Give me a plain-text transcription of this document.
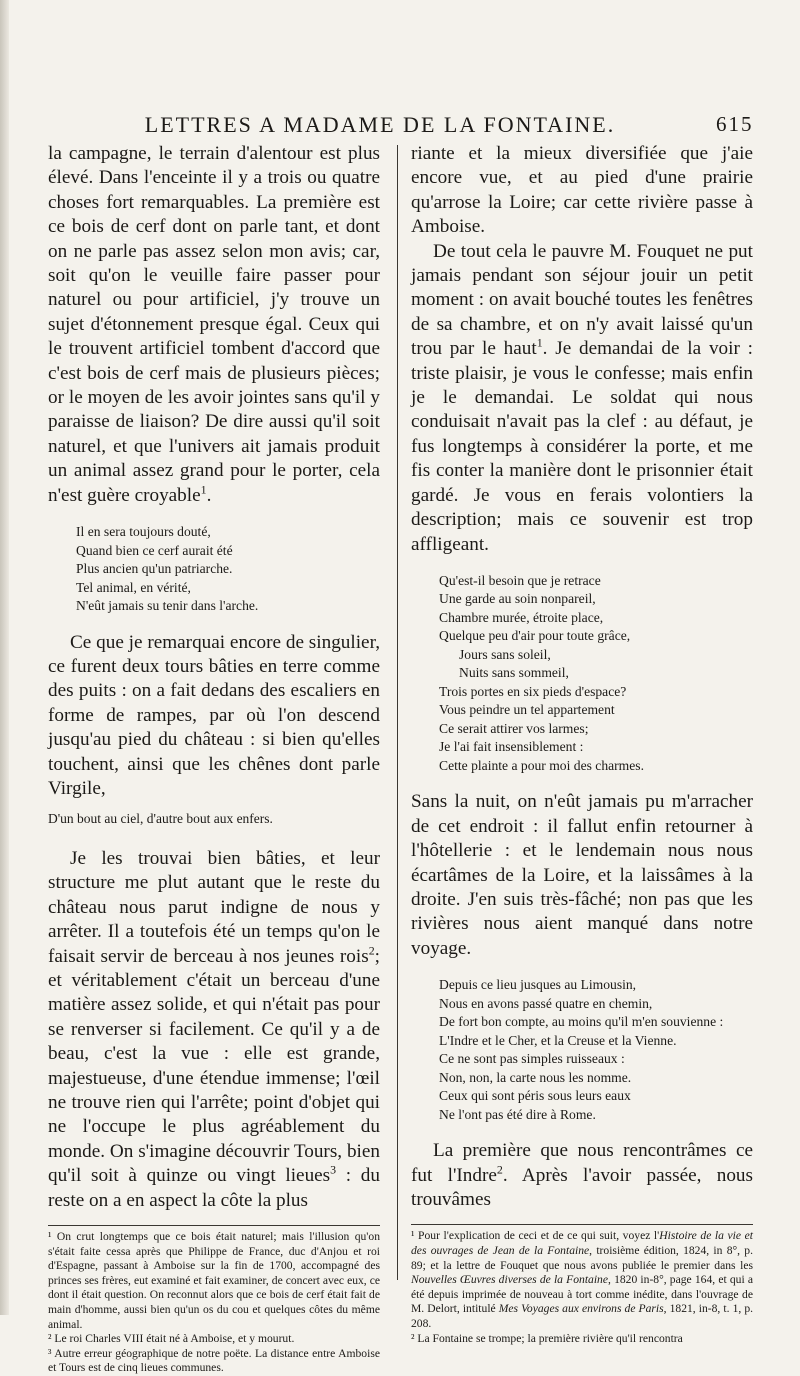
LETTRES A MADAME DE LA FONTAINE.	615

la campagne, le terrain d'alentour est plus élevé. Dans l'enceinte il y a trois ou quatre choses fort remarquables. La première est ce bois de cerf dont on parle tant, et dont on ne parle pas assez selon mon avis; car, soit qu'on le veuille faire passer pour naturel ou pour artificiel, j'y trouve un sujet d'étonnement presque égal. Ceux qui le trouvent artificiel tombent d'accord que c'est bois de cerf mais de plusieurs pièces; or le moyen de les avoir jointes sans qu'il y paraisse de liaison? De dire aussi qu'il soit naturel, et que l'univers ait jamais produit un animal assez grand pour le porter, cela n'est guère croyable$^1$.

Il en sera toujours douté,
Quand bien ce cerf aurait été
Plus ancien qu'un patriarche.
Tel animal, en vérité,
N'eût jamais su tenir dans l'arche.

Ce que je remarquai encore de singulier, ce furent deux tours bâties en terre comme des puits : on a fait dedans des escaliers en forme de rampes, par où l'on descend jusqu'au pied du château : si bien qu'elles touchent, ainsi que les chênes dont parle Virgile,

D'un bout au ciel, d'autre bout aux enfers.

Je les trouvai bien bâties, et leur structure me plut autant que le reste du château nous parut indigne de nous y arrêter. Il a toutefois été un temps qu'on le faisait servir de berceau à nos jeunes rois$^2$; et véritablement c'était un berceau d'une matière assez solide, et qui n'était pas pour se renverser si facilement. Ce qu'il y a de beau, c'est la vue : elle est grande, majestueuse, d'une étendue immense; l'œil ne trouve rien qui l'arrête; point d'objet qui ne l'occupe le plus agréablement du monde. On s'imagine découvrir Tours, bien qu'il soit à quinze ou vingt lieues$^3$ : du reste on a en aspect la côte la plus

¹ On crut longtemps que ce bois était naturel; mais l'illusion qu'on s'était faite cessa après que Philippe de France, duc d'Anjou et roi d'Espagne, passant à Amboise sur la fin de 1700, accompagné des princes ses frères, eut examiné et fait examiner, de concert avec eux, ce dont il était question. On reconnut alors que ce bois de cerf était fait de main d'homme, aussi bien qu'un os du cou et quelques côtes du même animal.

² Le roi Charles VIII était né à Amboise, et y mourut.

³ Autre erreur géographique de notre poëte. La distance entre Amboise et Tours est de cinq lieues communes.

riante et la mieux diversifiée que j'aie encore vue, et au pied d'une prairie qu'arrose la Loire; car cette rivière passe à Amboise.

De tout cela le pauvre M. Fouquet ne put jamais pendant son séjour jouir un petit moment : on avait bouché toutes les fenêtres de sa chambre, et on n'y avait laissé qu'un trou par le haut$^1$. Je demandai de la voir : triste plaisir, je vous le confesse; mais enfin je le demandai. Le soldat qui nous conduisait n'avait pas la clef : au défaut, je fus longtemps à considérer la porte, et me fis conter la manière dont le prisonnier était gardé. Je vous en ferais volontiers la description; mais ce souvenir est trop affligeant.

Qu'est-il besoin que je retrace
Une garde au soin nonpareil,
Chambre murée, étroite place,
Quelque peu d'air pour toute grâce,
Jours sans soleil,
Nuits sans sommeil,
Trois portes en six pieds d'espace?
Vous peindre un tel appartement
Ce serait attirer vos larmes;
Je l'ai fait insensiblement :
Cette plainte a pour moi des charmes.

Sans la nuit, on n'eût jamais pu m'arracher de cet endroit : il fallut enfin retourner à l'hôtellerie : et le lendemain nous nous écartâmes de la Loire, et la laissâmes à la droite. J'en suis très-fâché; non pas que les rivières nous aient manqué dans notre voyage.

Depuis ce lieu jusques au Limousin,
Nous en avons passé quatre en chemin,
De fort bon compte, au moins qu'il m'en souvienne :
L'Indre et le Cher, et la Creuse et la Vienne.
Ce ne sont pas simples ruisseaux :
Non, non, la carte nous les nomme.
Ceux qui sont péris sous leurs eaux
Ne l'ont pas été dire à Rome.

La première que nous rencontrâmes ce fut l'Indre$^2$. Après l'avoir passée, nous trouvâmes

¹ Pour l'explication de ceci et de ce qui suit, voyez l'Histoire de la vie et des ouvrages de Jean de la Fontaine, troisième édition, 1824, in 8°, p. 89; et la lettre de Fouquet que nous avons publiée le premier dans les Nouvelles Œuvres diverses de la Fontaine, 1820 in-8°, page 164, et qui a été depuis imprimée de nouveau à tort comme inédite, dans l'ouvrage de M. Delort, intitulé Mes Voyages aux environs de Paris, 1821, in-8, t. 1, p. 208.

² La Fontaine se trompe; la première rivière qu'il rencontra
